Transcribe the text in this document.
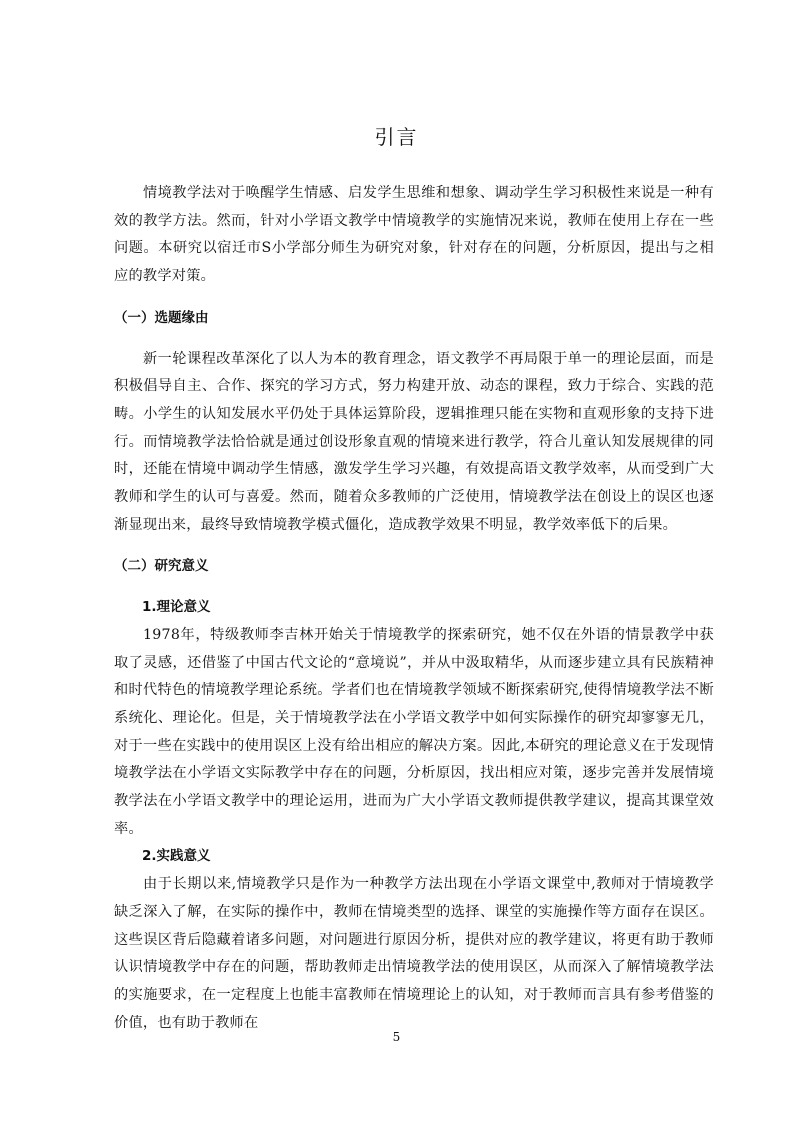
引言

情境教学法对于唤醒学生情感、启发学生思维和想象、调动学生学习积极性来说是一种有效的教学方法。然而，针对小学语文教学中情境教学的实施情况来说，教师在使用上存在一些问题。本研究以宿迁市S小学部分师生为研究对象，针对存在的问题，分析原因，提出与之相应的教学对策。

（一）选题缘由

新一轮课程改革深化了以人为本的教育理念，语文教学不再局限于单一的理论层面，而是积极倡导自主、合作、探究的学习方式，努力构建开放、动态的课程，致力于综合、实践的范畴。小学生的认知发展水平仍处于具体运算阶段，逻辑推理只能在实物和直观形象的支持下进行。而情境教学法恰恰就是通过创设形象直观的情境来进行教学，符合儿童认知发展规律的同时，还能在情境中调动学生情感，激发学生学习兴趣，有效提高语文教学效率，从而受到广大教师和学生的认可与喜爱。然而，随着众多教师的广泛使用，情境教学法在创设上的误区也逐渐显现出来，最终导致情境教学模式僵化，造成教学效果不明显，教学效率低下的后果。

（二）研究意义
1.理论意义

1978年，特级教师李吉林开始关于情境教学的探索研究，她不仅在外语的情景教学中获取了灵感，还借鉴了中国古代文论的“意境说”，并从中汲取精华，从而逐步建立具有民族精神和时代特色的情境教学理论系统。学者们也在情境教学领域不断探索研究,使得情境教学法不断系统化、理论化。但是，关于情境教学法在小学语文教学中如何实际操作的研究却寥寥无几，对于一些在实践中的使用误区上没有给出相应的解决方案。因此,本研究的理论意义在于发现情境教学法在小学语文实际教学中存在的问题，分析原因，找出相应对策，逐步完善并发展情境教学法在小学语文教学中的理论运用，进而为广大小学语文教师提供教学建议，提高其课堂效率。

2.实践意义

由于长期以来,情境教学只是作为一种教学方法出现在小学语文课堂中,教师对于情境教学缺乏深入了解，在实际的操作中，教师在情境类型的选择、课堂的实施操作等方面存在误区。这些误区背后隐藏着诸多问题，对问题进行原因分析，提供对应的教学建议，将更有助于教师认识情境教学中存在的问题，帮助教师走出情境教学法的使用误区，从而深入了解情境教学法的实施要求，在一定程度上也能丰富教师在情境理论上的认知，对于教师而言具有参考借鉴的价值，也有助于教师在

5
